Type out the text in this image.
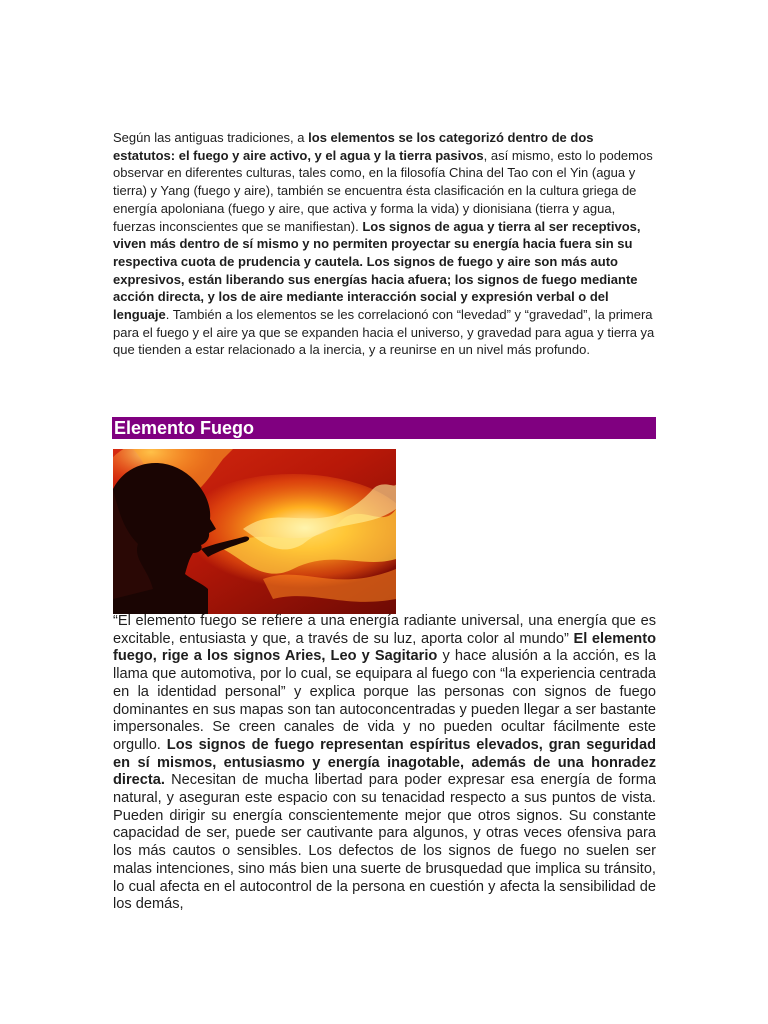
Según las antiguas tradiciones, a los elementos se los categorizó dentro de dos estatutos: el fuego y aire activo, y el agua y la tierra pasivos, así mismo, esto lo podemos observar en diferentes culturas, tales como, en la filosofía China del Tao con el Yin (agua y tierra) y Yang (fuego y aire), también se encuentra ésta clasificación en la cultura griega de energía apoloniana (fuego y aire, que activa y forma la vida) y dionisiana (tierra y agua, fuerzas inconscientes que se manifiestan). Los signos de agua y tierra al ser receptivos, viven más dentro de sí mismo y no permiten proyectar su energía hacia fuera sin su respectiva cuota de prudencia y cautela. Los signos de fuego y aire son más auto expresivos, están liberando sus energías hacia afuera; los signos de fuego mediante acción directa, y los de aire mediante interacción social y expresión verbal o del lenguaje. También a los elementos se les correlacionó con “levedad” y “gravedad”, la primera para el fuego y el aire ya que se expanden hacia el universo, y gravedad para agua y tierra ya que tienden a estar relacionado a la inercia, y a reunirse en un nivel más profundo.

Elemento Fuego

“El elemento fuego se refiere a una energía radiante universal, una energía que es excitable, entusiasta y que, a través de su luz, aporta color al mundo” El elemento fuego, rige a los signos Aries, Leo y Sagitario y hace alusión a la acción, es la llama que automotiva, por lo cual, se equipara al fuego con “la experiencia centrada en la identidad personal” y explica porque las personas con signos de fuego dominantes en sus mapas son tan autoconcentradas y pueden llegar a ser bastante impersonales. Se creen canales de vida y no pueden ocultar fácilmente este orgullo. Los signos de fuego representan espíritus elevados, gran seguridad en sí mismos, entusiasmo y energía inagotable, además de una honradez directa. Necesitan de mucha libertad para poder expresar esa energía de forma natural, y aseguran este espacio con su tenacidad respecto a sus puntos de vista. Pueden dirigir su energía conscientemente mejor que otros signos. Su constante capacidad de ser, puede ser cautivante para algunos, y otras veces ofensiva para los más cautos o sensibles. Los defectos de los signos de fuego no suelen ser malas intenciones, sino más bien una suerte de brusquedad que implica su tránsito, lo cual afecta en el autocontrol de la persona en cuestión y afecta la sensibilidad de los demás,
